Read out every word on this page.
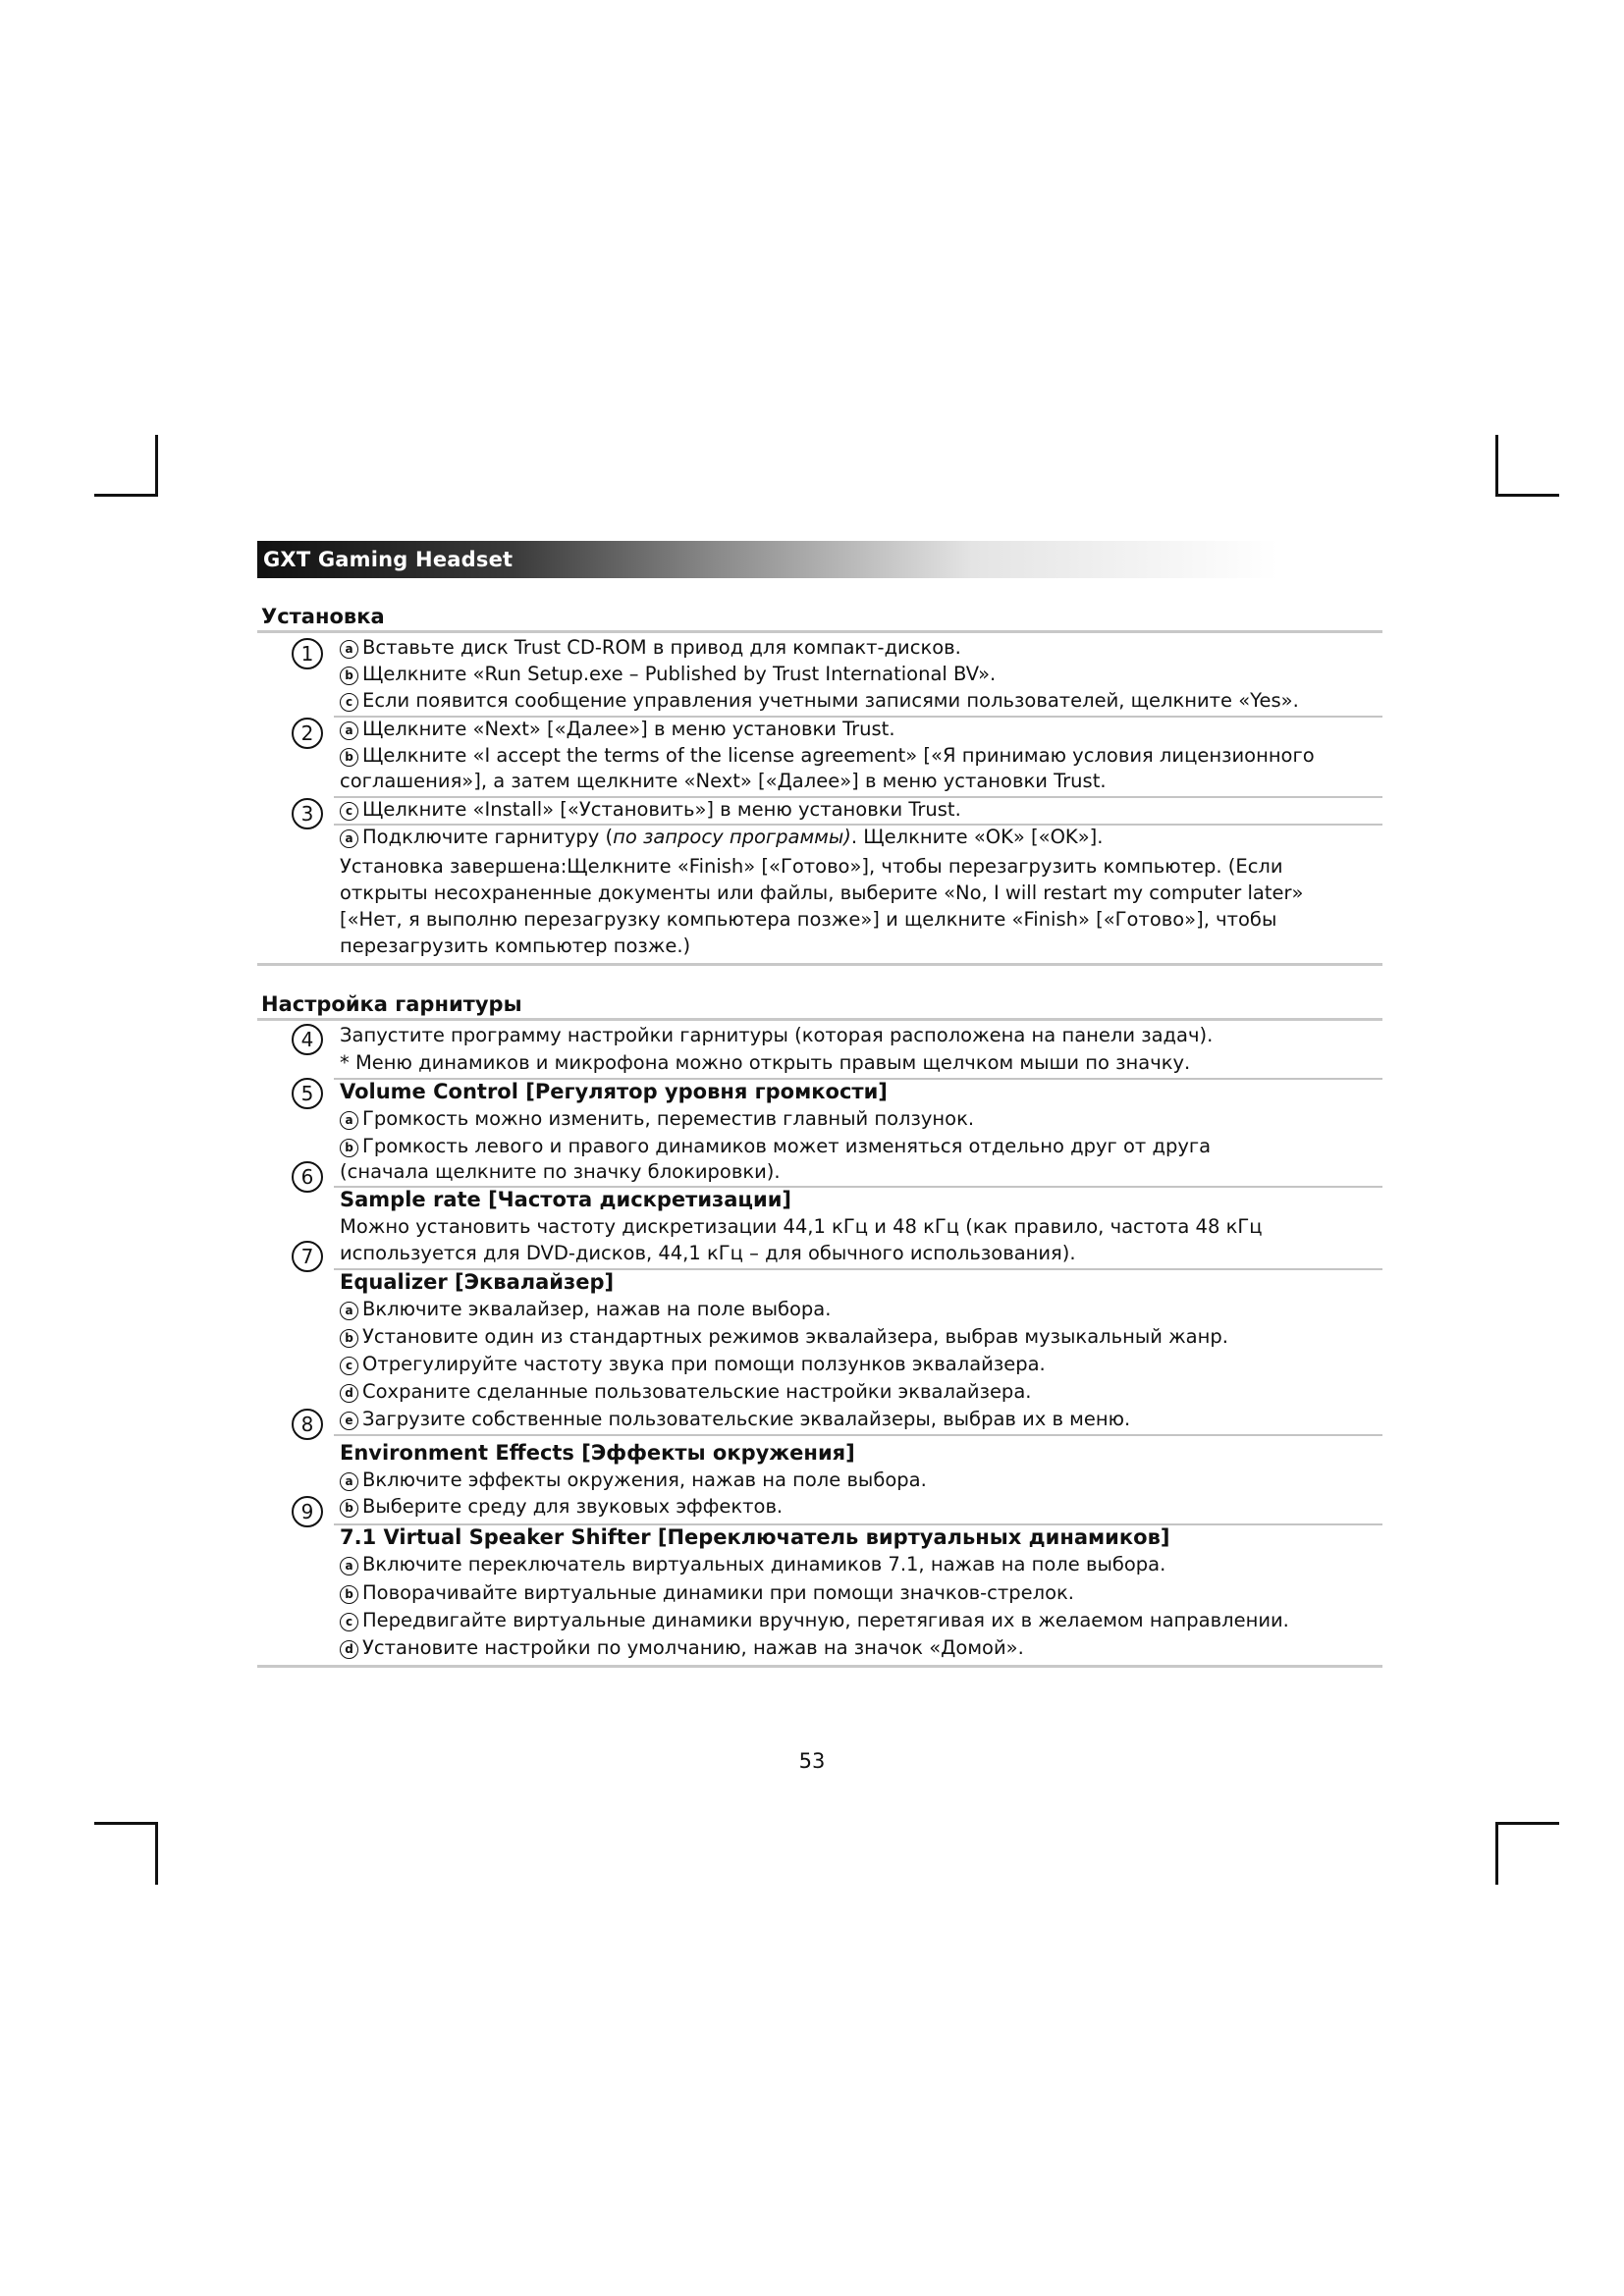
GXT Gaming Headset
Установка
1	a Вставьте диск Trust CD-ROM в привод для компакт-дисков.
b Щелкните «Run Setup.exe – Published by Trust International BV».
c Если появится сообщение управления учетными записями пользователей, щелкните «Yes».
2	a Щелкните «Next» [«Далее»] в меню установки Trust.
b Щелкните «I accept the terms of the license agreement» [«Я принимаю условия лицензионного
соглашения»], а затем щелкните «Next» [«Далее»] в меню установки Trust.
3	c Щелкните «Install» [«Установить»] в меню установки Trust.
a Подключите гарнитуру (по запросу программы). Щелкните «OK» [«OK»].
Установка завершена:Щелкните «Finish» [«Готово»], чтобы перезагрузить компьютер. (Если
открыты несохраненные документы или файлы, выберите «No, I will restart my computer later»
[«Нет, я выполню перезагрузку компьютера позже»] и щелкните «Finish» [«Готово»], чтобы
перезагрузить компьютер позже.)
Настройка гарнитуры
4	Запустите программу настройки гарнитуры (которая расположена на панели задач).
* Меню динамиков и микрофона можно открыть правым щелчком мыши по значку.
5	Volume Control [Регулятор уровня громкости]
a Громкость можно изменить, переместив главный ползунок.
b Громкость левого и правого динамиков может изменяться отдельно друг от друга
6	(сначала щелкните по значку блокировки).
Sample rate [Частота дискретизации]
Можно установить частоту дискретизации 44,1 кГц и 48 кГц (как правило, частота 48 кГц
7	используется для DVD-дисков, 44,1 кГц – для обычного использования).
Equalizer [Эквалайзер]
a Включите эквалайзер, нажав на поле выбора.
b Установите один из стандартных режимов эквалайзера, выбрав музыкальный жанр.
c Отрегулируйте частоту звука при помощи ползунков эквалайзера.
d Сохраните сделанные пользовательские настройки эквалайзера.
8	e Загрузите собственные пользовательские эквалайзеры, выбрав их в меню.
Environment Effects [Эффекты окружения]
a Включите эффекты окружения, нажав на поле выбора.
9	b Выберите среду для звуковых эффектов.
7.1 Virtual Speaker Shifter [Переключатель виртуальных динамиков]
a Включите переключатель виртуальных динамиков 7.1, нажав на поле выбора.
b Поворачивайте виртуальные динамики при помощи значков-стрелок.
c Передвигайте виртуальные динамики вручную, перетягивая их в желаемом направлении.
d Установите настройки по умолчанию, нажав на значок «Домой».
53
